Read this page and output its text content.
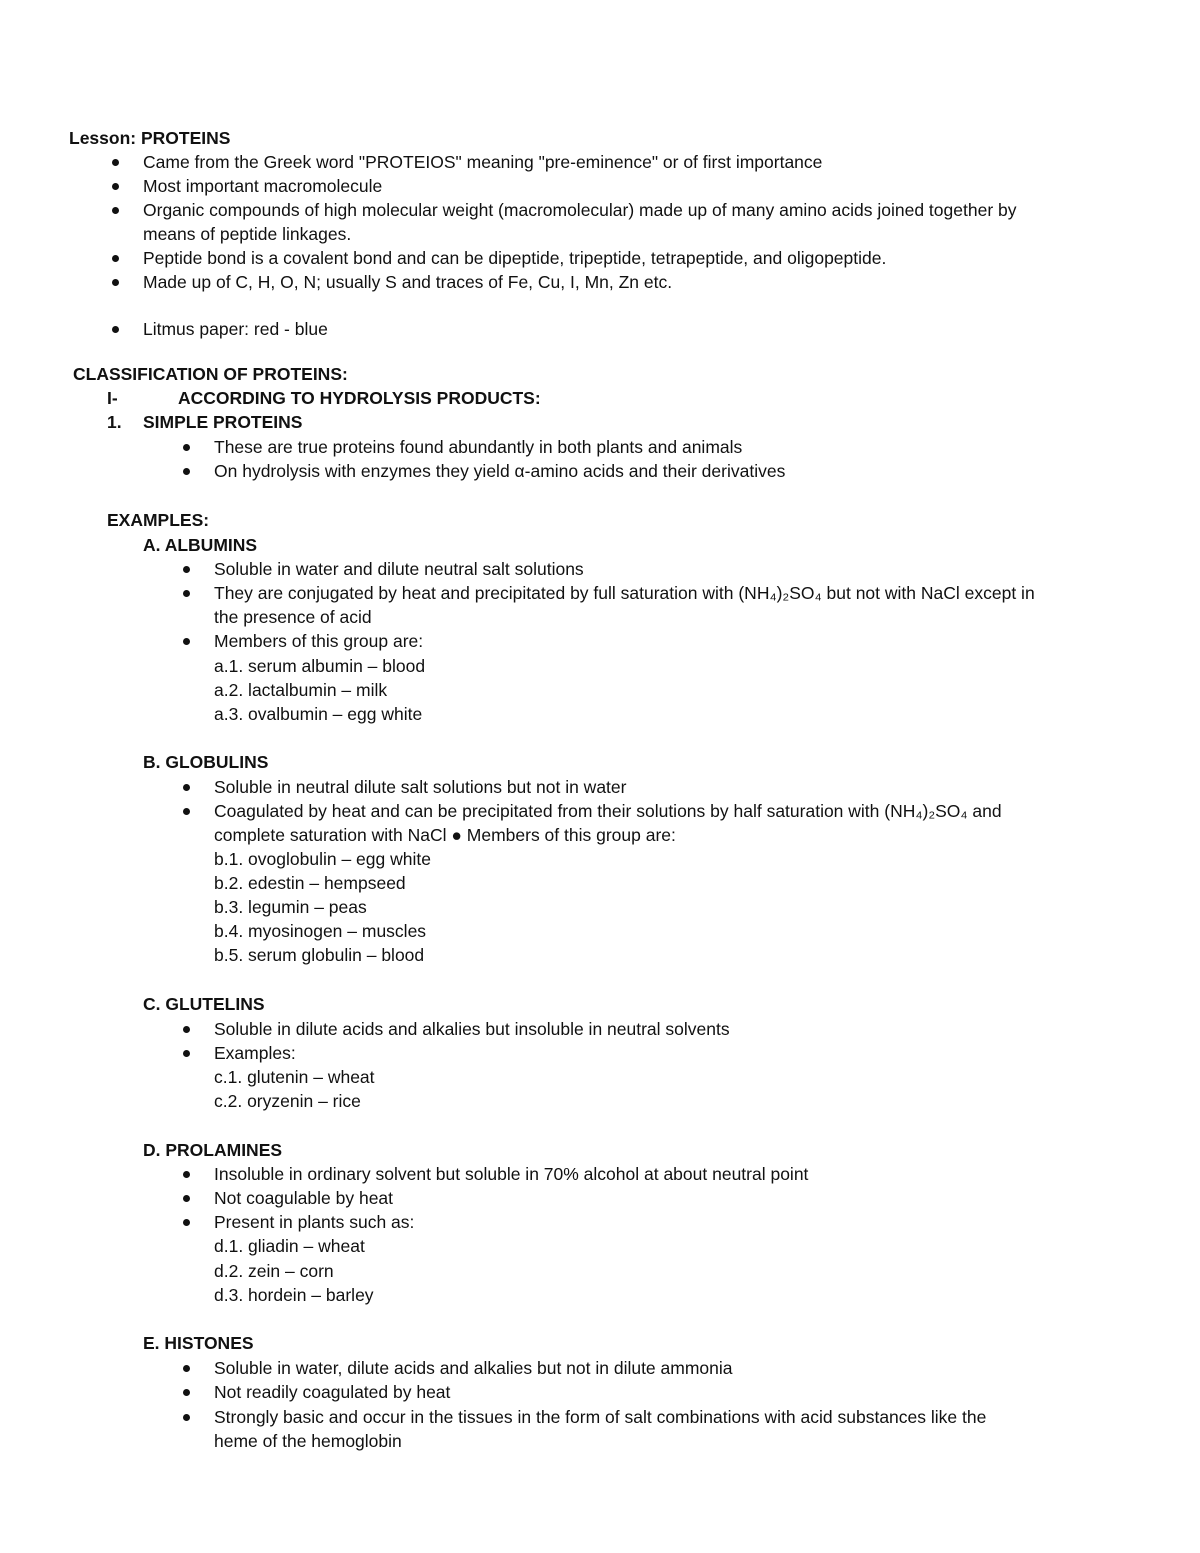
Lesson: PROTEINS
Came from the Greek word "PROTEIOS" meaning "pre-eminence" or of first importance
Most important macromolecule
Organic compounds of high molecular weight (macromolecular) made up of many amino acids joined together by
means of peptide linkages.
Peptide bond is a covalent bond and can be dipeptide, tripeptide, tetrapeptide, and oligopeptide.
Made up of C, H, O, N; usually S and traces of Fe, Cu, I, Mn, Zn etc.
Litmus paper: red - blue
CLASSIFICATION OF PROTEINS:
I-	ACCORDING TO HYDROLYSIS PRODUCTS:
1. SIMPLE PROTEINS
These are true proteins found abundantly in both plants and animals
On hydrolysis with enzymes they yield α-amino acids and their derivatives
EXAMPLES:
A. ALBUMINS
Soluble in water and dilute neutral salt solutions
They are conjugated by heat and precipitated by full saturation with (NH₄)₂SO₄ but not with NaCl except in
the presence of acid
Members of this group are:
a.1. serum albumin – blood
a.2. lactalbumin – milk
a.3. ovalbumin – egg white
B. GLOBULINS
Soluble in neutral dilute salt solutions but not in water
Coagulated by heat and can be precipitated from their solutions by half saturation with (NH₄)₂SO₄ and
complete saturation with NaCl ● Members of this group are:
b.1. ovoglobulin – egg white
b.2. edestin – hempseed
b.3. legumin – peas
b.4. myosinogen – muscles
b.5. serum globulin – blood
C. GLUTELINS
Soluble in dilute acids and alkalies but insoluble in neutral solvents
Examples:
c.1. glutenin – wheat
c.2. oryzenin – rice
D. PROLAMINES
Insoluble in ordinary solvent but soluble in 70% alcohol at about neutral point
Not coagulable by heat
Present in plants such as:
d.1. gliadin – wheat
d.2. zein – corn
d.3. hordein – barley
E. HISTONES
Soluble in water, dilute acids and alkalies but not in dilute ammonia
Not readily coagulated by heat
Strongly basic and occur in the tissues in the form of salt combinations with acid substances like the
heme of the hemoglobin
